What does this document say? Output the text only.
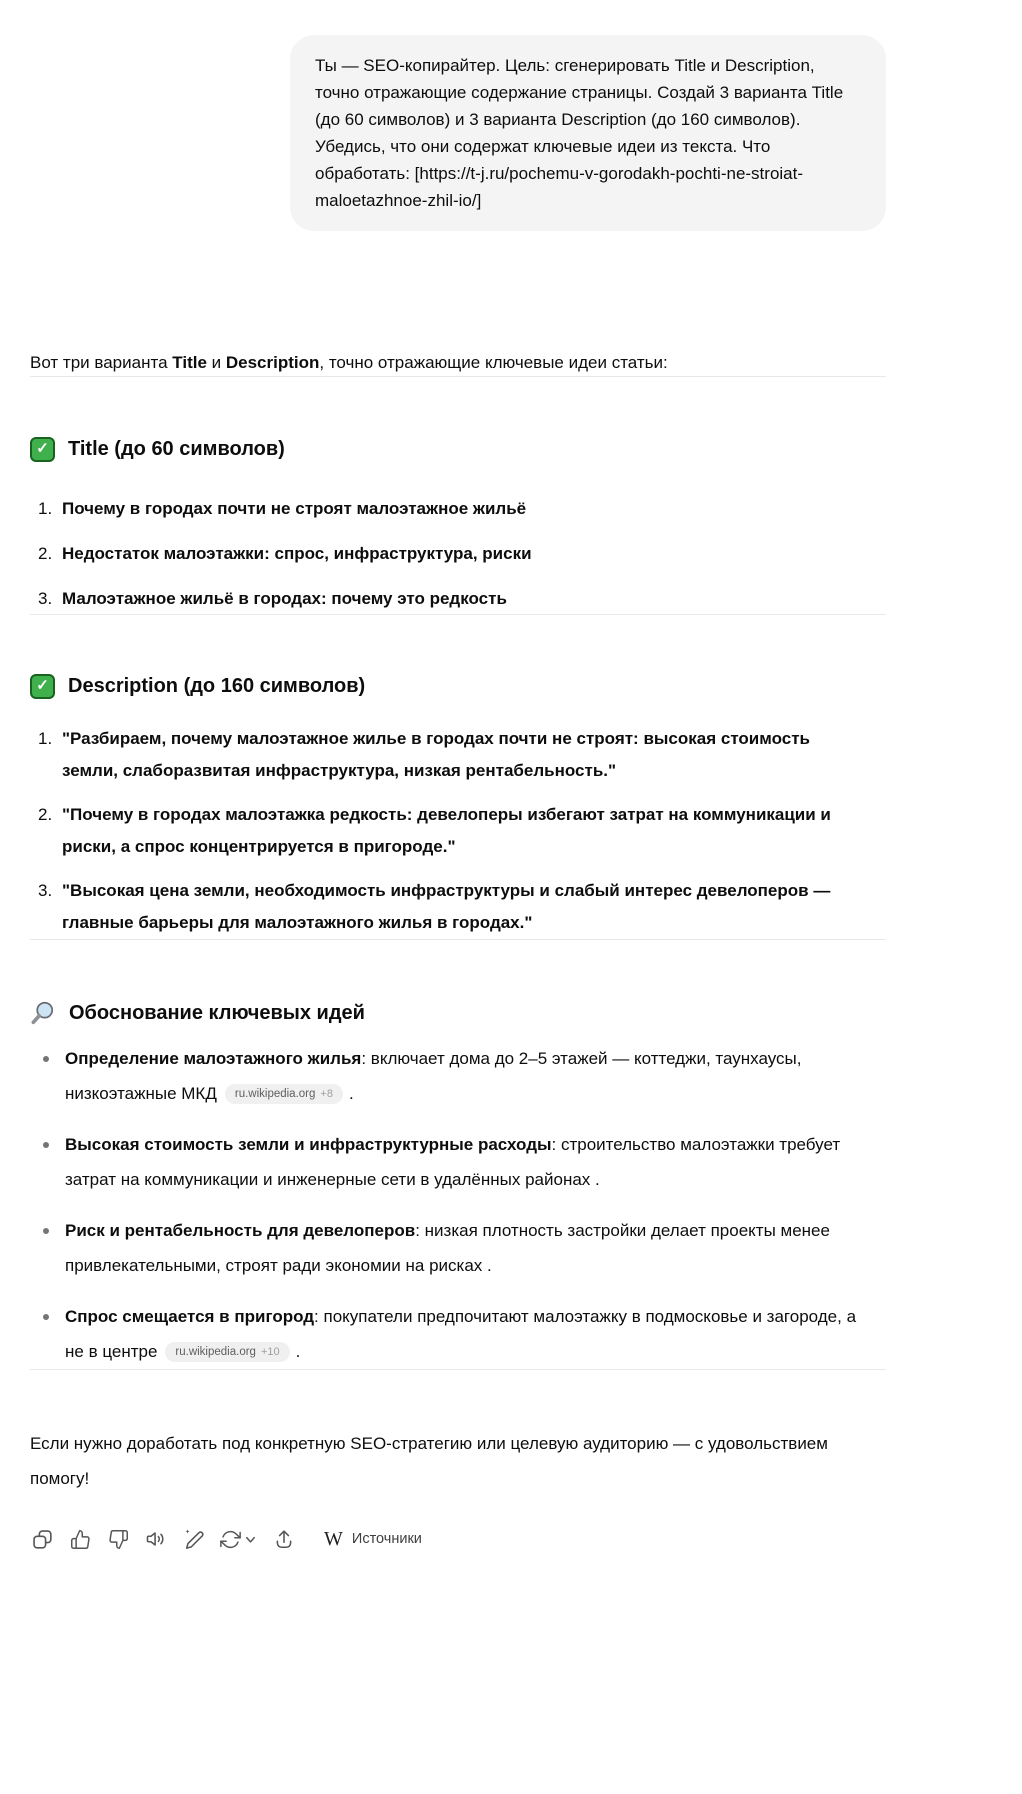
Ты — SEO-копирайтер. Цель: сгенерировать Title и Description, точно отражающие содержание страницы. Создай 3 варианта Title (до 60 символов) и 3 варианта Description (до 160 символов). Убедись, что они содержат ключевые идеи из текста. Что обработать: [https://t-j.ru/pochemu-v-gorodakh-pochti-ne-stroiat-maloetazhnoe-zhil-io/]

Вот три варианта Title и Description, точно отражающие ключевые идеи статьи:

✓ Title (до 60 символов)
1. Почему в городах почти не строят малоэтажное жильё
2. Недостаток малоэтажки: спрос, инфраструктура, риски
3. Малоэтажное жильё в городах: почему это редкость
✓ Description (до 160 символов)
1. "Разбираем, почему малоэтажное жилье в городах почти не строят: высокая стоимость земли, слаборазвитая инфраструктура, низкая рентабельность."
2. "Почему в городах малоэтажка редкость: девелоперы избегают затрат на коммуникации и риски, а спрос концентрируется в пригороде."
3. "Высокая цена земли, необходимость инфраструктуры и слабый интерес девелоперов — главные барьеры для малоэтажного жилья в городах."
Обоснование ключевых идей
Определение малоэтажного жилья: включает дома до 2–5 этажей — коттеджи, таунхаусы, низкоэтажные МКД ru.wikipedia.org +8 .
Высокая стоимость земли и инфраструктурные расходы: строительство малоэтажки требует затрат на коммуникации и инженерные сети в удалённых районах .
Риск и рентабельность для девелоперов: низкая плотность застройки делает проекты менее привлекательными, строят ради экономии на рисках .
Спрос смещается в пригород: покупатели предпочитают малоэтажку в подмосковье и загороде, а не в центре ru.wikipedia.org +10 .

Если нужно доработать под конкретную SEO-стратегию или целевую аудиторию — с удовольствием помогу!

W Источники
